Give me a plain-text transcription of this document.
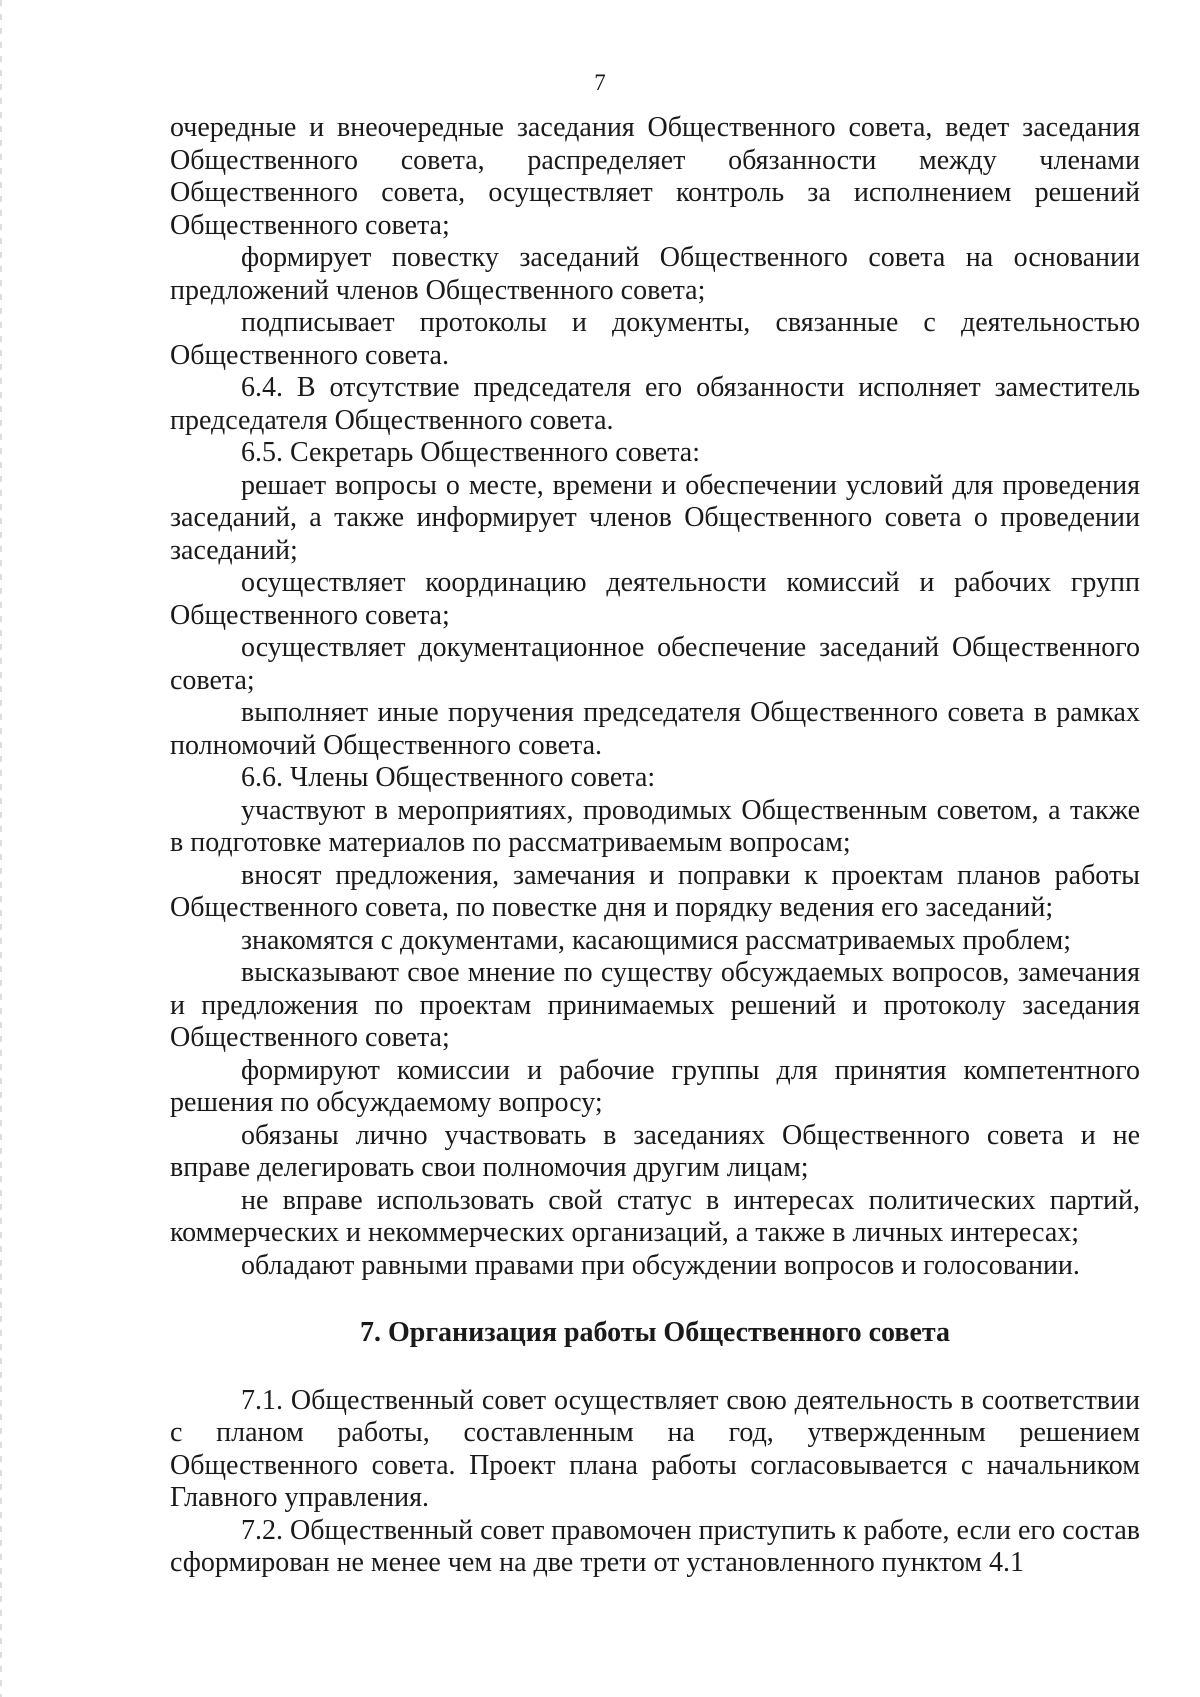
7

очередные и внеочередные заседания Общественного совета, ведет заседания Общественного совета, распределяет обязанности между членами Общественного совета, осуществляет контроль за исполнением решений Общественного совета;

формирует повестку заседаний Общественного совета на основании предложений членов Общественного совета;

подписывает протоколы и документы, связанные с деятельностью Общественного совета.

6.4. В отсутствие председателя его обязанности исполняет заместитель председателя Общественного совета.

6.5. Секретарь Общественного совета:

решает вопросы о месте, времени и обеспечении условий для проведения заседаний, а также информирует членов Общественного совета о проведении заседаний;

осуществляет координацию деятельности комиссий и рабочих групп Общественного совета;

осуществляет документационное обеспечение заседаний Общественного совета;

выполняет иные поручения председателя Общественного совета в рамках полномочий Общественного совета.

6.6. Члены Общественного совета:

участвуют в мероприятиях, проводимых Общественным советом, а также в подготовке материалов по рассматриваемым вопросам;

вносят предложения, замечания и поправки к проектам планов работы Общественного совета, по повестке дня и порядку ведения его заседаний;

знакомятся с документами, касающимися рассматриваемых проблем;

высказывают свое мнение по существу обсуждаемых вопросов, замечания и предложения по проектам принимаемых решений и протоколу заседания Общественного совета;

формируют комиссии и рабочие группы для принятия компетентного решения по обсуждаемому вопросу;

обязаны лично участвовать в заседаниях Общественного совета и не вправе делегировать свои полномочия другим лицам;

не вправе использовать свой статус в интересах политических партий, коммерческих и некоммерческих организаций, а также в личных интересах;

обладают равными правами при обсуждении вопросов и голосовании.

7. Организация работы Общественного совета

7.1. Общественный совет осуществляет свою деятельность в соответствии с планом работы, составленным на год, утвержденным решением Общественного совета. Проект плана работы согласовывается с начальником Главного управления.

7.2. Общественный совет правомочен приступить к работе, если его состав сформирован не менее чем на две трети от установленного пунктом 4.1
